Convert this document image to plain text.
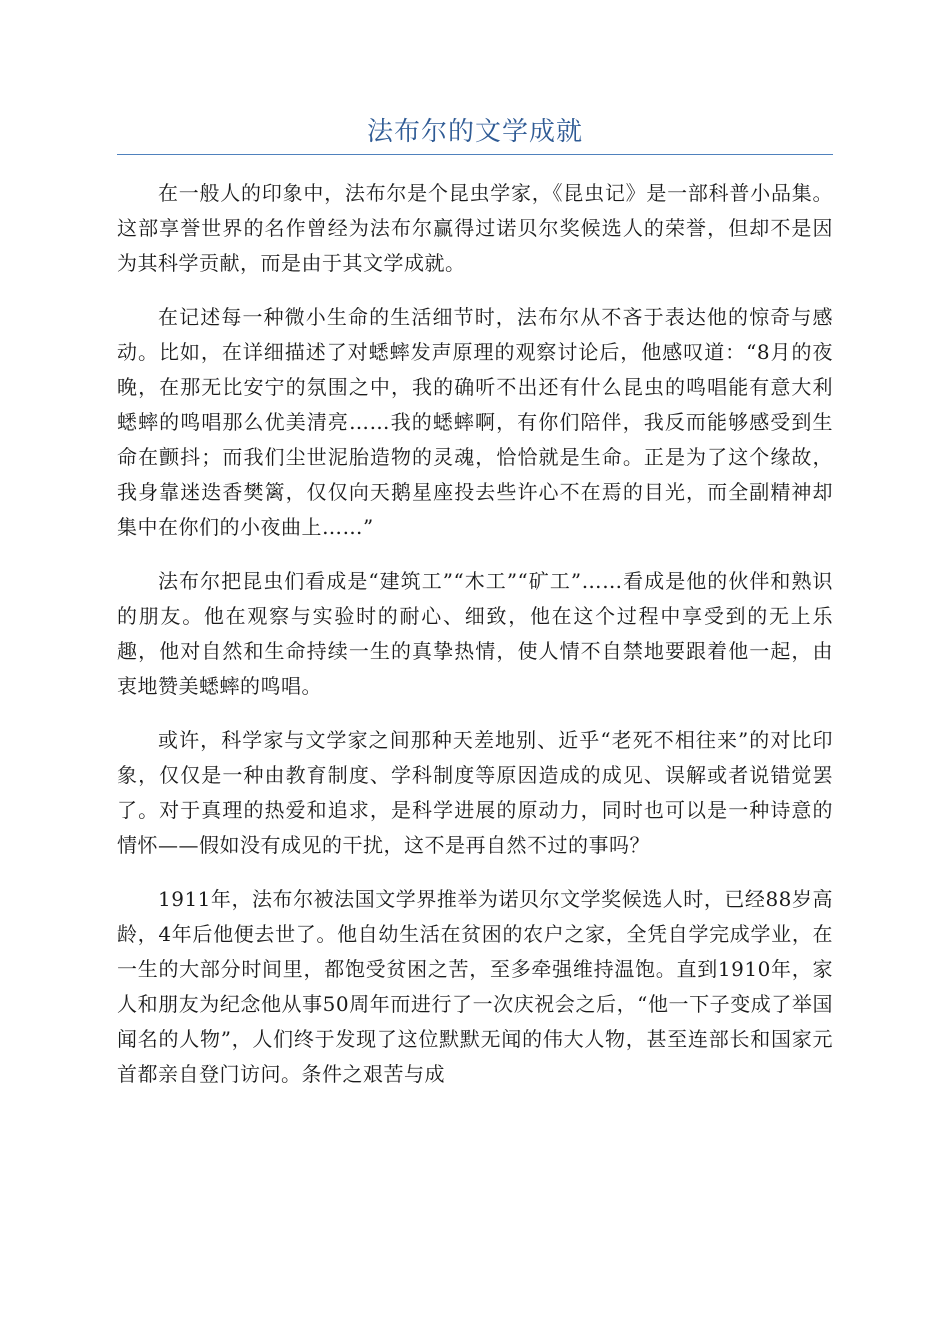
法布尔的文学成就

在一般人的印象中，法布尔是个昆虫学家，《昆虫记》是一部科普小品集。这部享誉世界的名作曾经为法布尔赢得过诺贝尔奖候选人的荣誉，但却不是因为其科学贡献，而是由于其文学成就。

在记述每一种微小生命的生活细节时，法布尔从不吝于表达他的惊奇与感动。比如，在详细描述了对蟋蟀发声原理的观察讨论后，他感叹道：“8月的夜晚，在那无比安宁的氛围之中，我的确听不出还有什么昆虫的鸣唱能有意大利蟋蟀的鸣唱那么优美清亮……我的蟋蟀啊，有你们陪伴，我反而能够感受到生命在颤抖；而我们尘世泥胎造物的灵魂，恰恰就是生命。正是为了这个缘故，我身靠迷迭香樊篱，仅仅向天鹅星座投去些许心不在焉的目光，而全副精神却集中在你们的小夜曲上……”

法布尔把昆虫们看成是“建筑工”“木工”“矿工”……看成是他的伙伴和熟识的朋友。他在观察与实验时的耐心、细致，他在这个过程中享受到的无上乐趣，他对自然和生命持续一生的真挚热情，使人情不自禁地要跟着他一起，由衷地赞美蟋蟀的鸣唱。

或许，科学家与文学家之间那种天差地别、近乎“老死不相往来”的对比印象，仅仅是一种由教育制度、学科制度等原因造成的成见、误解或者说错觉罢了。对于真理的热爱和追求，是科学进展的原动力，同时也可以是一种诗意的情怀——假如没有成见的干扰，这不是再自然不过的事吗？

1911年，法布尔被法国文学界推举为诺贝尔文学奖候选人时，已经88岁高龄，4年后他便去世了。他自幼生活在贫困的农户之家，全凭自学完成学业，在一生的大部分时间里，都饱受贫困之苦，至多牵强维持温饱。直到1910年，家人和朋友为纪念他从事50周年而进行了一次庆祝会之后，“他一下子变成了举国闻名的人物”，人们终于发现了这位默默无闻的伟大人物，甚至连部长和国家元首都亲自登门访问。条件之艰苦与成
